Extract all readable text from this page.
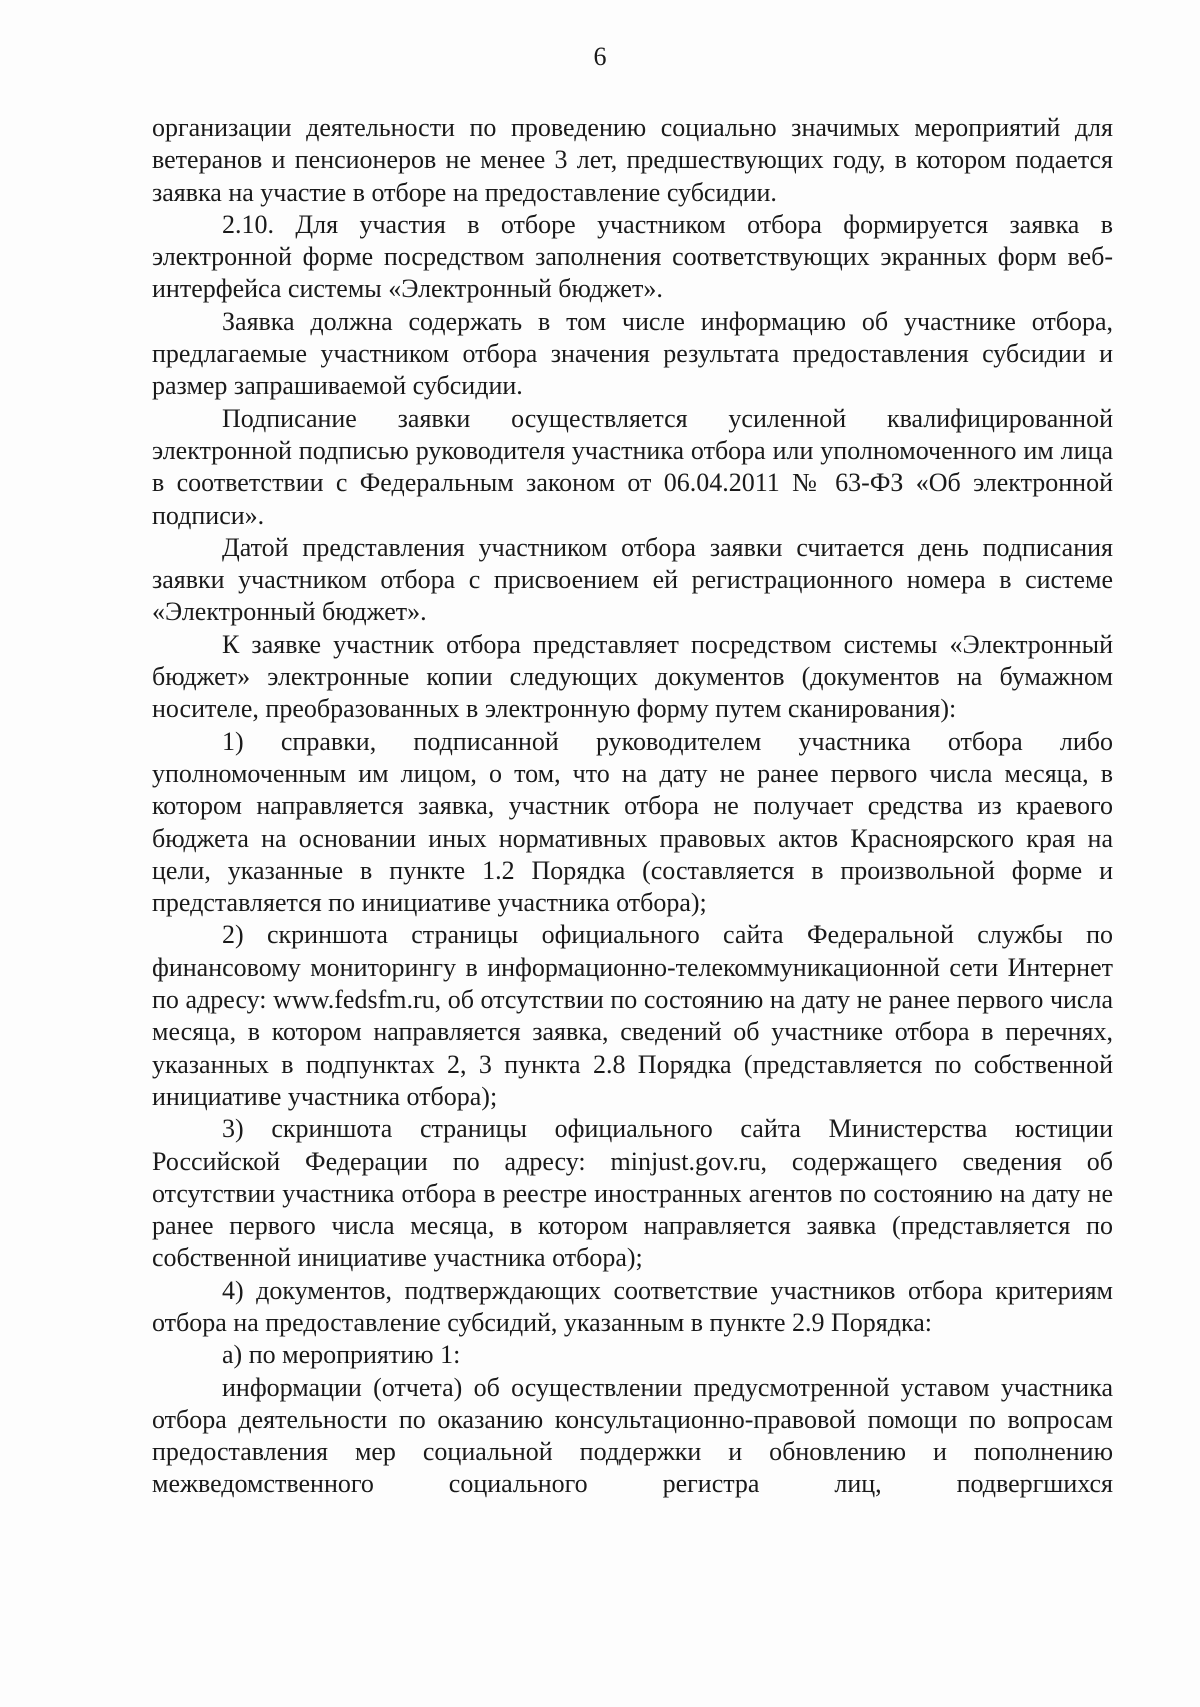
6

организации деятельности по проведению социально значимых мероприятий для ветеранов и пенсионеров не менее 3 лет, предшествующих году, в котором подается заявка на участие в отборе на предоставление субсидии.

2.10. Для участия в отборе участником отбора формируется заявка в электронной форме посредством заполнения соответствующих экранных форм веб-интерфейса системы «Электронный бюджет».

Заявка должна содержать в том числе информацию об участнике отбора, предлагаемые участником отбора значения результата предоставления субсидии и размер запрашиваемой субсидии.

Подписание заявки осуществляется усиленной квалифицированной электронной подписью руководителя участника отбора или уполномоченного им лица в соответствии с Федеральным законом от 06.04.2011 № 63-ФЗ «Об электронной подписи».

Датой представления участником отбора заявки считается день подписания заявки участником отбора с присвоением ей регистрационного номера в системе «Электронный бюджет».

К заявке участник отбора представляет посредством системы «Электронный бюджет» электронные копии следующих документов (документов на бумажном носителе, преобразованных в электронную форму путем сканирования):

1) справки, подписанной руководителем участника отбора либо уполномоченным им лицом, о том, что на дату не ранее первого числа месяца, в котором направляется заявка, участник отбора не получает средства из краевого бюджета на основании иных нормативных правовых актов Красноярского края на цели, указанные в пункте 1.2 Порядка (составляется в произвольной форме и представляется по инициативе участника отбора);

2) скриншота страницы официального сайта Федеральной службы по финансовому мониторингу в информационно-телекоммуникационной сети Интернет по адресу: www.fedsfm.ru, об отсутствии по состоянию на дату не ранее первого числа месяца, в котором направляется заявка, сведений об участнике отбора в перечнях, указанных в подпунктах 2, 3 пункта 2.8 Порядка (представляется по собственной инициативе участника отбора);

3) скриншота страницы официального сайта Министерства юстиции Российской Федерации по адресу: minjust.gov.ru, содержащего сведения об отсутствии участника отбора в реестре иностранных агентов по состоянию на дату не ранее первого числа месяца, в котором направляется заявка (представляется по собственной инициативе участника отбора);

4) документов, подтверждающих соответствие участников отбора критериям отбора на предоставление субсидий, указанным в пункте 2.9 Порядка:

а) по мероприятию 1:

информации (отчета) об осуществлении предусмотренной уставом участника отбора деятельности по оказанию консультационно-правовой помощи по вопросам предоставления мер социальной поддержки и обновлению и пополнению межведомственного социального регистра лиц, подвергшихся
